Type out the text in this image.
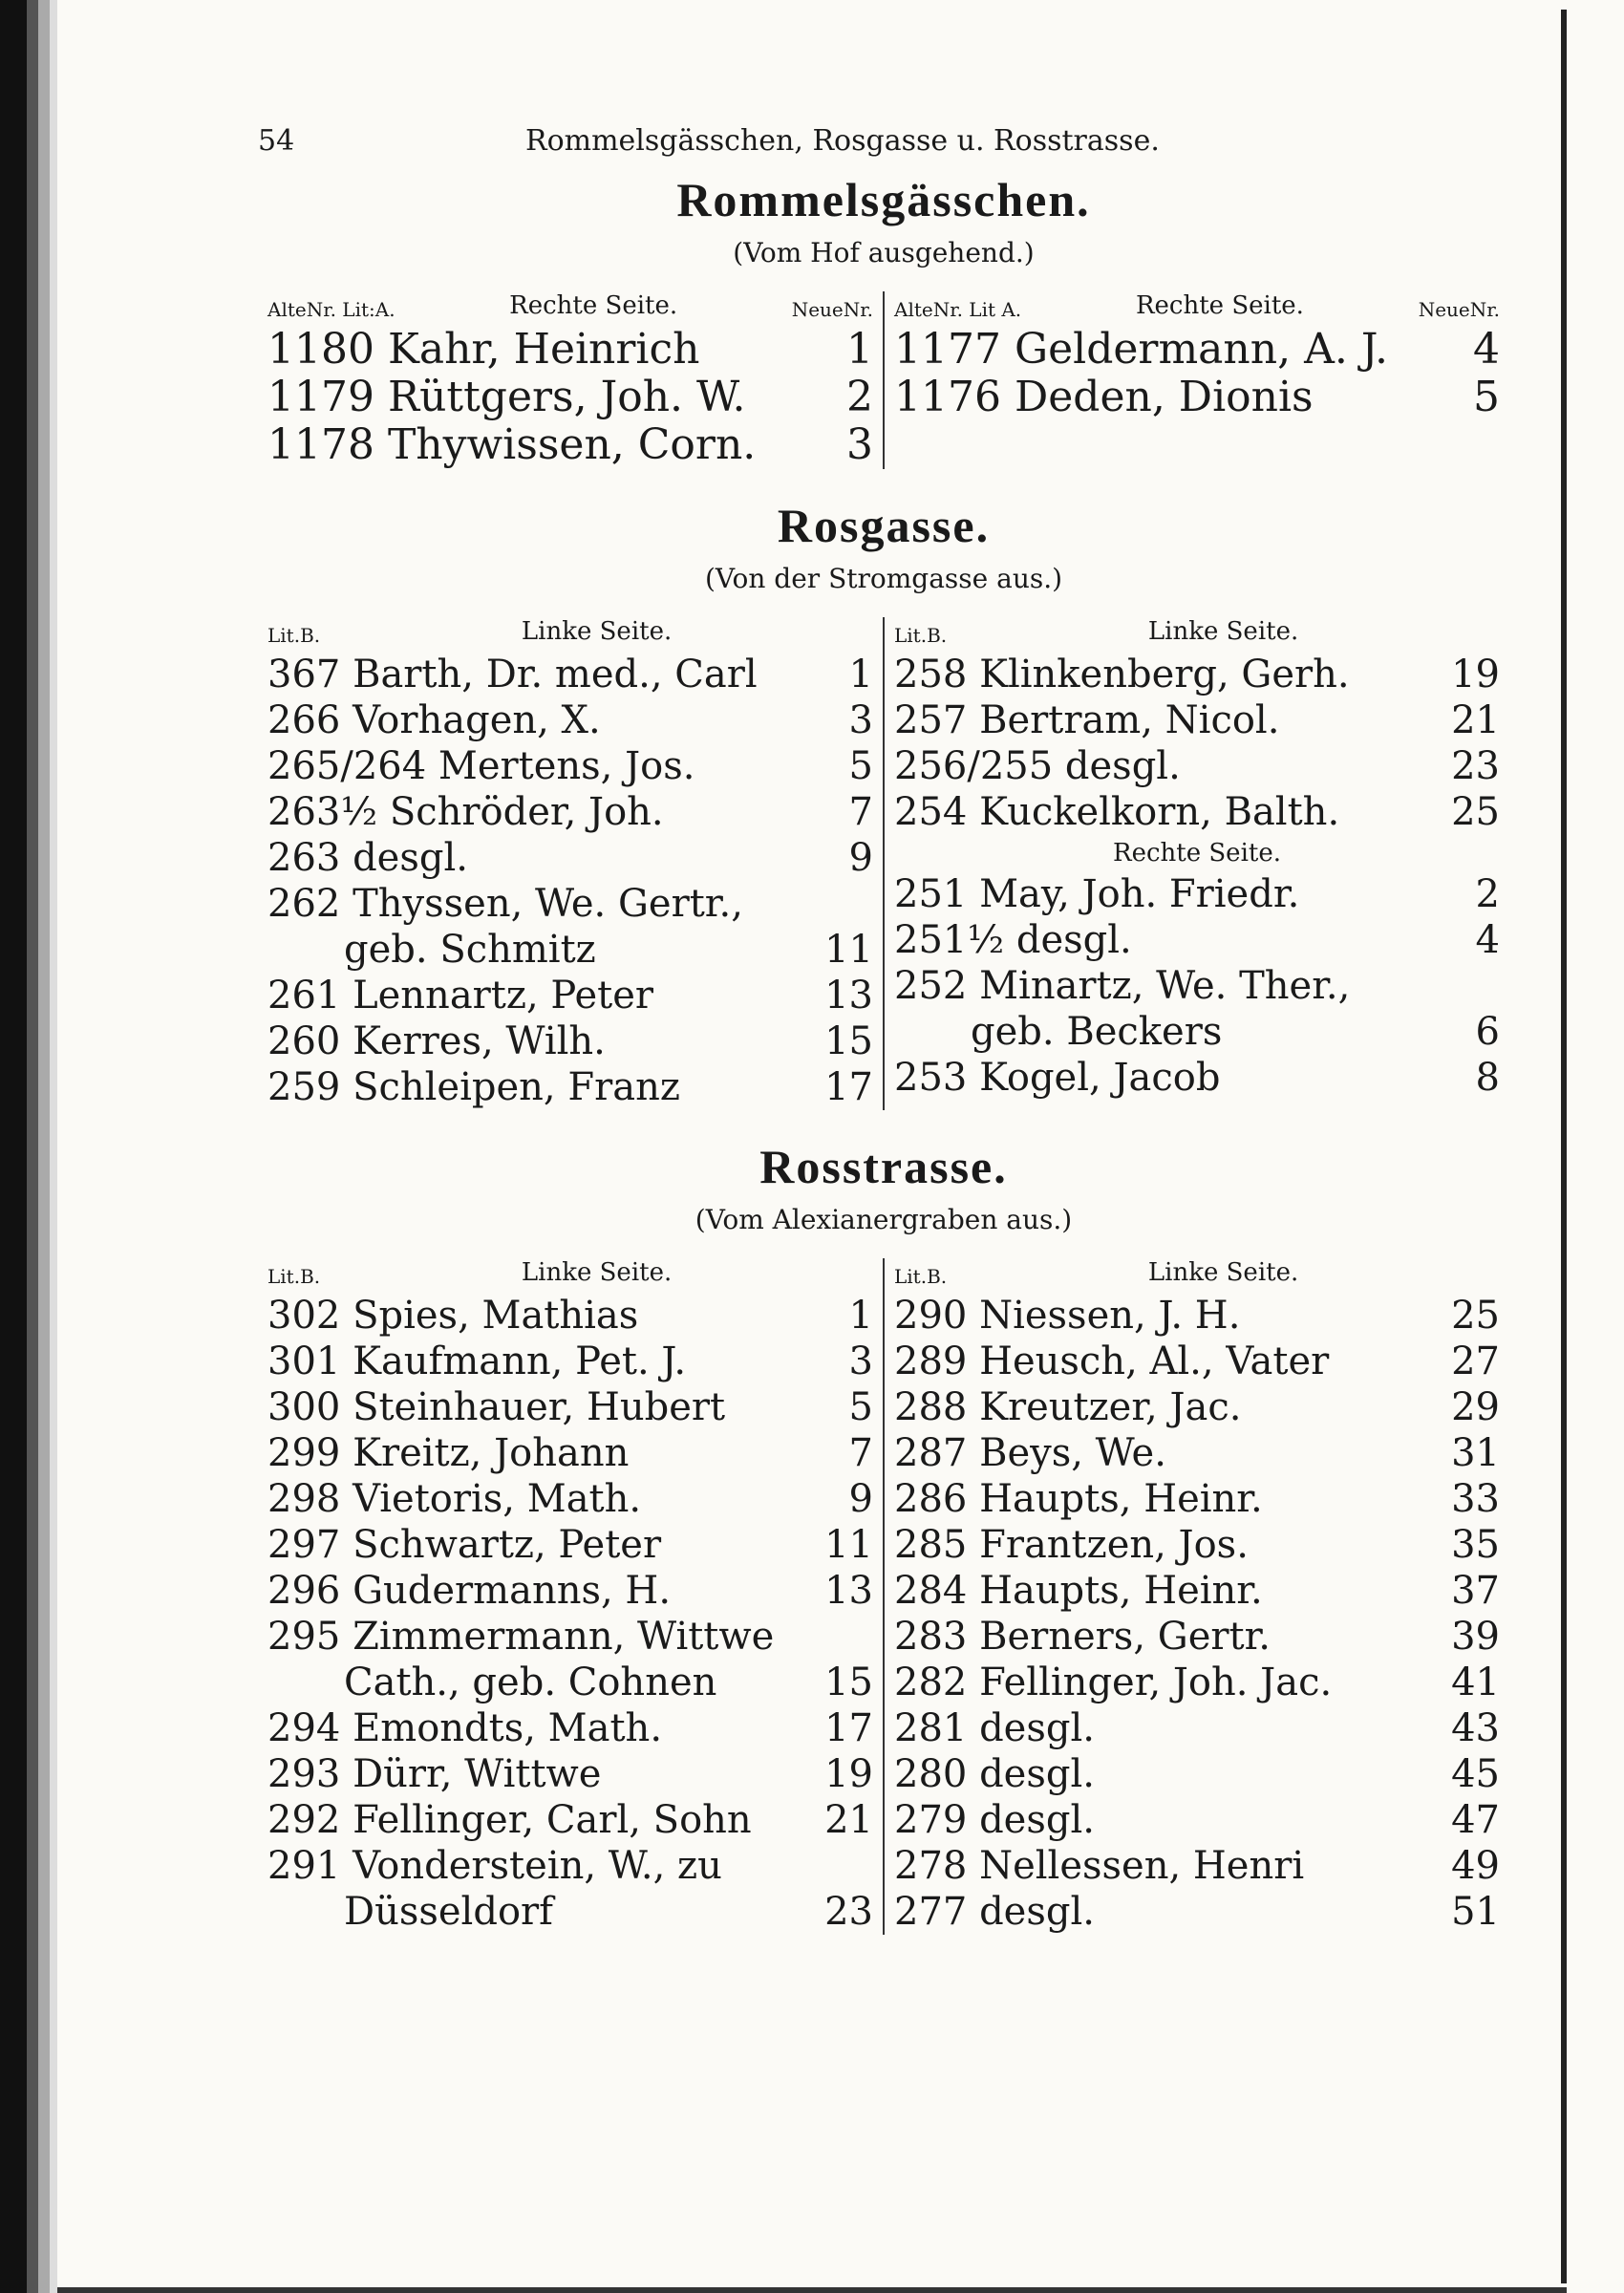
54	Rommelsgässchen, Rosgasse u. Rosstrasse.
Rommelsgässchen.
(Vom Hof ausgehend.)
AlteNr. Lit:A.	Rechte Seite.	NeueNr.
1180 Kahr, Heinrich	1
1179 Rüttgers, Joh. W.	2
1178 Thywissen, Corn.	3
AlteNr. Lit A.	Rechte Seite.	NeueNr.
1177 Geldermann, A. J.	4
1176 Deden, Dionis	5
Rosgasse.
(Von der Stromgasse aus.)
Lit.B.	Linke Seite.
367 Barth, Dr. med., Carl	1
266 Vorhagen, X.	3
265/264 Mertens, Jos.	5
263½ Schröder, Joh.	7
263 desgl.	9
262 Thyssen, We. Gertr.,
geb. Schmitz	11
261 Lennartz, Peter	13
260 Kerres, Wilh.	15
259 Schleipen, Franz	17
Lit.B.	Linke Seite.
258 Klinkenberg, Gerh.	19
257 Bertram, Nicol.	21
256/255 desgl.	23
254 Kuckelkorn, Balth.	25
Rechte Seite.
251 May, Joh. Friedr.	2
251½ desgl.	4
252 Minartz, We. Ther.,
geb. Beckers	6
253 Kogel, Jacob	8
Rosstrasse.
(Vom Alexianergraben aus.)
Lit.B.	Linke Seite.
302 Spies, Mathias	1
301 Kaufmann, Pet. J.	3
300 Steinhauer, Hubert	5
299 Kreitz, Johann	7
298 Vietoris, Math.	9
297 Schwartz, Peter	11
296 Gudermanns, H.	13
295 Zimmermann, Wittwe
Cath., geb. Cohnen	15
294 Emondts, Math.	17
293 Dürr, Wittwe	19
292 Fellinger, Carl, Sohn	21
291 Vonderstein, W., zu
Düsseldorf	23
Lit.B.	Linke Seite.
290 Niessen, J. H.	25
289 Heusch, Al., Vater	27
288 Kreutzer, Jac.	29
287 Beys, We.	31
286 Haupts, Heinr.	33
285 Frantzen, Jos.	35
284 Haupts, Heinr.	37
283 Berners, Gertr.	39
282 Fellinger, Joh. Jac.	41
281 desgl.	43
280 desgl.	45
279 desgl.	47
278 Nellessen, Henri	49
277 desgl.	51
